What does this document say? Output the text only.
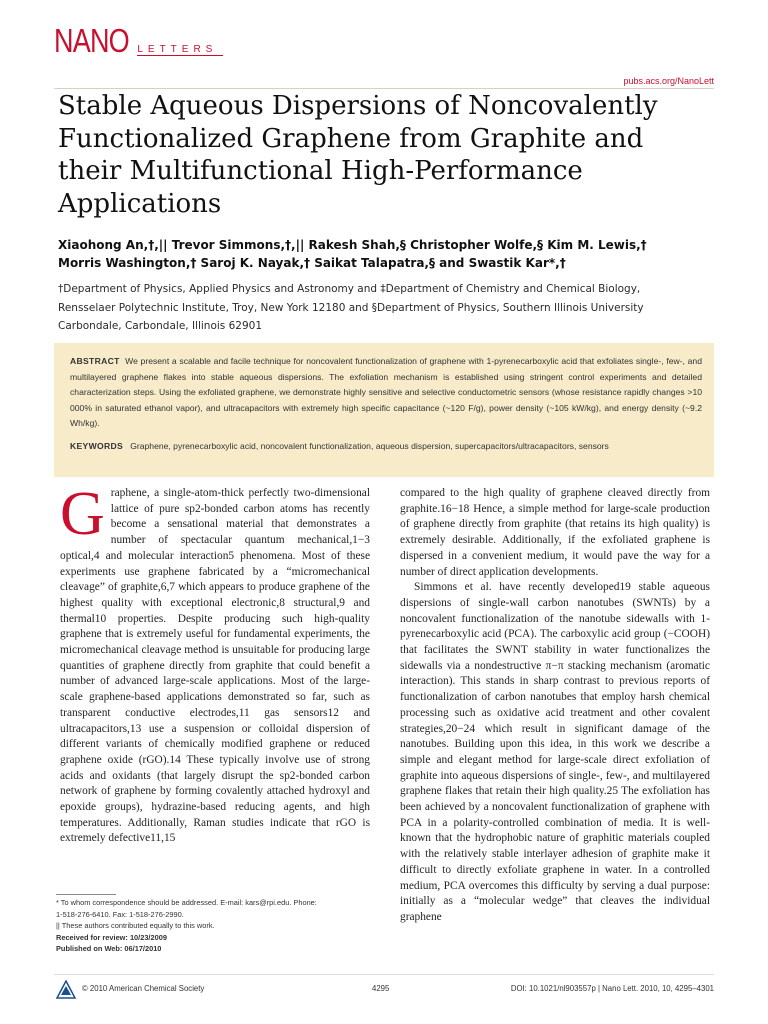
NANO LETTERS
pubs.acs.org/NanoLett
Stable Aqueous Dispersions of Noncovalently
Functionalized Graphene from Graphite and
their Multifunctional High-Performance
Applications
Xiaohong An,†,|| Trevor Simmons,†,|| Rakesh Shah,§ Christopher Wolfe,§ Kim M. Lewis,†
Morris Washington,† Saroj K. Nayak,† Saikat Talapatra,§ and Swastik Kar*,†
†Department of Physics, Applied Physics and Astronomy and ‡Department of Chemistry and Chemical Biology,
Rensselaer Polytechnic Institute, Troy, New York 12180 and §Department of Physics, Southern Illinois University
Carbondale, Carbondale, Illinois 62901
ABSTRACT We present a scalable and facile technique for noncovalent functionalization of graphene with 1-pyrenecarboxylic acid that exfoliates single-, few-, and multilayered graphene flakes into stable aqueous dispersions. The exfoliation mechanism is established using stringent control experiments and detailed characterization steps. Using the exfoliated graphene, we demonstrate highly sensitive and selective conductometric sensors (whose resistance rapidly changes >10 000% in saturated ethanol vapor), and ultracapacitors with extremely high specific capacitance (~120 F/g), power density (~105 kW/kg), and energy density (~9.2 Wh/kg).
KEYWORDS Graphene, pyrenecarboxylic acid, noncovalent functionalization, aqueous dispersion, supercapacitors/ultracapacitors, sensors
G raphene, a single-atom-thick perfectly two-dimensional lattice of pure sp2-bonded carbon atoms has recently become a sensational material that demonstrates a number of spectacular quantum mechanical,1−3 optical,4 and molecular interaction5 phenomena. Most of these experiments use graphene fabricated by a “micromechanical cleavage” of graphite,6,7 which appears to produce graphene of the highest quality with exceptional electronic,8 structural,9 and thermal10 properties. Despite producing such high-quality graphene that is extremely useful for fundamental experiments, the micromechanical cleavage method is unsuitable for producing large quantities of graphene directly from graphite that could benefit a number of advanced large-scale applications. Most of the large-scale graphene-based applications demonstrated so far, such as transparent conductive electrodes,11 gas sensors12 and ultracapacitors,13 use a suspension or colloidal dispersion of different variants of chemically modified graphene or reduced graphene oxide (rGO).14 These typically involve use of strong acids and oxidants (that largely disrupt the sp2-bonded carbon network of graphene by forming covalently attached hydroxyl and epoxide groups), hydrazine-based reducing agents, and high temperatures. Additionally, Raman studies indicate that rGO is extremely defective11,15

compared to the high quality of graphene cleaved directly from graphite.16−18 Hence, a simple method for large-scale production of graphene directly from graphite (that retains its high quality) is extremely desirable. Additionally, if the exfoliated graphene is dispersed in a convenient medium, it would pave the way for a number of direct application developments.

Simmons et al. have recently developed19 stable aqueous dispersions of single-wall carbon nanotubes (SWNTs) by a noncovalent functionalization of the nanotube sidewalls with 1-pyrenecarboxylic acid (PCA). The carboxylic acid group (−COOH) that facilitates the SWNT stability in water functionalizes the sidewalls via a nondestructive π−π stacking mechanism (aromatic interaction). This stands in sharp contrast to previous reports of functionalization of carbon nanotubes that employ harsh chemical processing such as oxidative acid treatment and other covalent strategies,20−24 which result in significant damage of the nanotubes. Building upon this idea, in this work we describe a simple and elegant method for large-scale direct exfoliation of graphite into aqueous dispersions of single-, few-, and multilayered graphene flakes that retain their high quality.25 The exfoliation has been achieved by a noncovalent functionalization of graphene with PCA in a polarity-controlled combination of media. It is well-known that the hydrophobic nature of graphitic materials coupled with the relatively stable interlayer adhesion of graphite make it difficult to directly exfoliate graphene in water. In a controlled medium, PCA overcomes this difficulty by serving a dual purpose: initially as a “molecular wedge” that cleaves the individual graphene

* To whom correspondence should be addressed. E-mail: kars@rpi.edu. Phone:
1-518-276-6410. Fax: 1-518-276-2990.
|| These authors contributed equally to this work.
Received for review: 10/23/2009
Published on Web: 06/17/2010
© 2010 American Chemical Society	4295	DOI: 10.1021/nl903557p | Nano Lett. 2010, 10, 4295–4301
